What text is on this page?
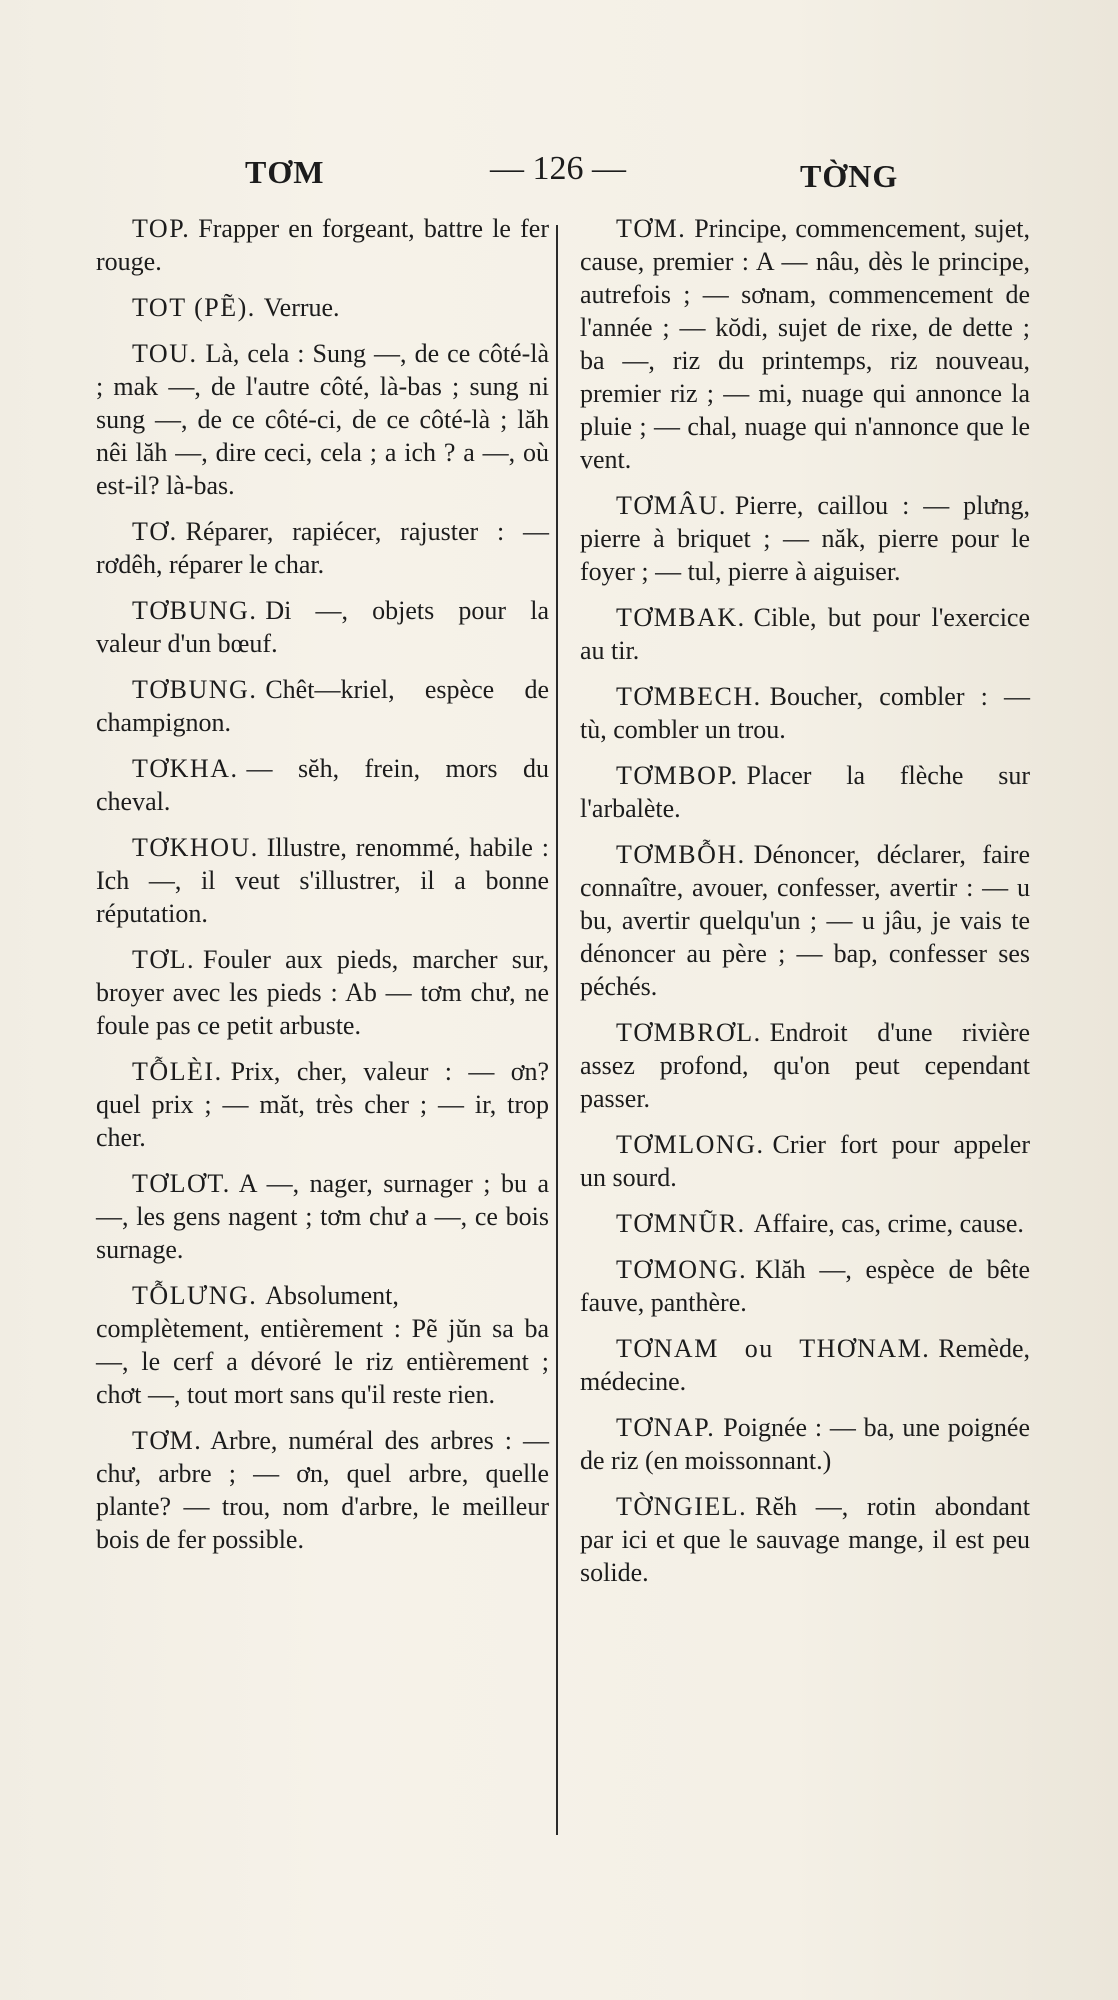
TƠM	— 126 —	TỜNG

TOP. Frapper en forgeant, battre le fer rouge.

TOT (PẼ). Verrue.

TOU. Là, cela : Sung —, de ce côté-là ; mak —, de l'autre côté, là-bas ; sung ni sung —, de ce côté-ci, de ce côté-là ; lăh nêi lăh —, dire ceci, cela ; a ich ? a —, où est-il? là-bas.

TƠ. Réparer, rapiécer, rajuster : — rơdêh, réparer le char.

TƠBUNG. Di —, objets pour la valeur d'un bœuf.

TƠBUNG. Chêt—kriel, espèce de champignon.

TƠKHA. — sĕh, frein, mors du cheval.

TƠKHOU. Illustre, renommé, habile : Ich —, il veut s'illustrer, il a bonne réputation.

TƠL. Fouler aux pieds, marcher sur, broyer avec les pieds : Ab — tơm chư, ne foule pas ce petit arbuste.

TỖLÈI. Prix, cher, valeur : — ơn? quel prix ; — măt, très cher ; — ir, trop cher.

TƠLƠT. A —, nager, surnager ; bu a —, les gens nagent ; tơm chư a —, ce bois surnage.

TỖLƯNG. Absolument, complètement, entièrement : Pẽ jŭn sa ba —, le cerf a dévoré le riz entièrement ; chơt —, tout mort sans qu'il reste rien.

TƠM. Arbre, numéral des arbres : — chư, arbre ; — ơn, quel arbre, quelle plante? — trou, nom d'arbre, le meilleur bois de fer possible.

TƠM. Principe, commencement, sujet, cause, premier : A — nâu, dès le principe, autrefois ; — sơnam, commencement de l'année ; — kŏdi, sujet de rixe, de dette ; ba —, riz du printemps, riz nouveau, premier riz ; — mi, nuage qui annonce la pluie ; — chal, nuage qui n'annonce que le vent.

TƠMÂU. Pierre, caillou : — plưng, pierre à briquet ; — năk, pierre pour le foyer ; — tul, pierre à aiguiser.

TƠMBAK. Cible, but pour l'exercice au tir.

TƠMBECH. Boucher, combler : — tù, combler un trou.

TƠMBOP. Placer la flèche sur l'arbalète.

TƠMBỖH. Dénoncer, déclarer, faire connaître, avouer, confesser, avertir : — u bu, avertir quelqu'un ; — u jâu, je vais te dénoncer au père ; — bap, confesser ses péchés.

TƠMBRƠL. Endroit d'une rivière assez profond, qu'on peut cependant passer.

TƠMLONG. Crier fort pour appeler un sourd.

TƠMNŨR. Affaire, cas, crime, cause.

TƠMONG. Klăh —, espèce de bête fauve, panthère.

TƠNAM ou THƠNAM. Remède, médecine.

TƠNAP. Poignée : — ba, une poignée de riz (en moissonnant.)

TỜNGIEL. Rĕh —, rotin abondant par ici et que le sauvage mange, il est peu solide.
